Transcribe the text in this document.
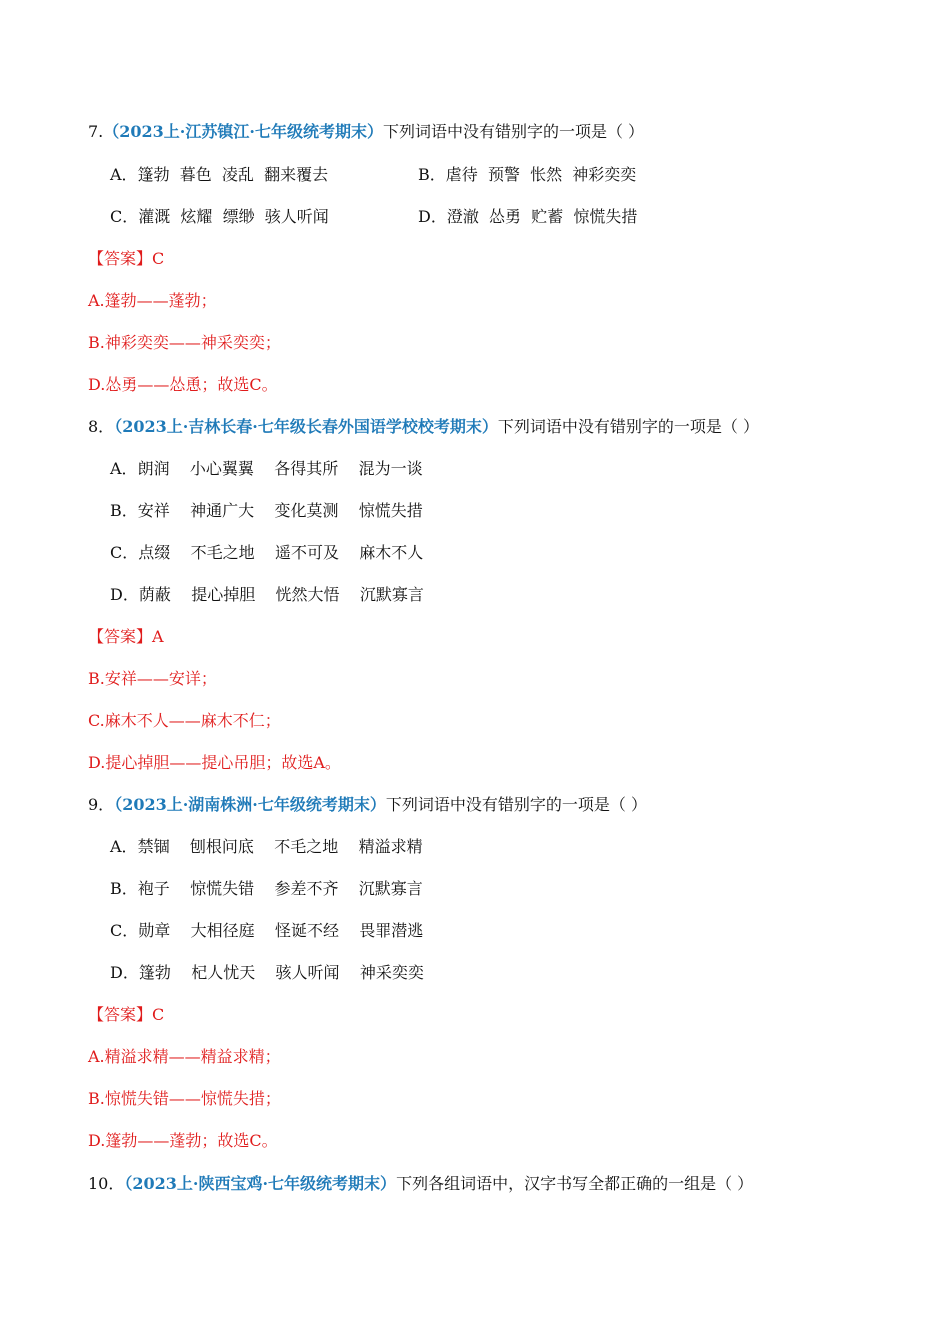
7.（2023上·江苏镇江·七年级统考期末）下列词语中没有错别字的一项是（ ）
A．篷勃  暮色  凌乱  翻来覆去	B．虐待  预警  怅然  神彩奕奕
C．灌溉  炫耀  缥缈  骇人听闻	D．澄澈  怂勇  贮蓄  惊慌失措
【答案】C
A.篷勃——蓬勃；
B.神彩奕奕——神采奕奕；
D.怂勇——怂恿；故选C。
8．（2023上·吉林长春·七年级长春外国语学校校考期末）下列词语中没有错别字的一项是（ ）
A．朗润    小心翼翼    各得其所    混为一谈
B．安祥    神通广大    变化莫测    惊慌失措
C．点缀    不毛之地    遥不可及    麻木不人
D．荫蔽    提心掉胆    恍然大悟    沉默寡言
【答案】A
B.安祥——安详；
C.麻木不人——麻木不仁；
D.提心掉胆——提心吊胆；故选A。
9．（2023上·湖南株洲·七年级统考期末）下列词语中没有错别字的一项是（ ）
A．禁锢    刨根问底    不毛之地    精溢求精
B．袍子    惊慌失错    参差不齐    沉默寡言
C．勋章    大相径庭    怪诞不经    畏罪潜逃
D．篷勃    杞人忧天    骇人听闻    神采奕奕
【答案】C
A.精溢求精——精益求精；
B.惊慌失错——惊慌失措；
D.篷勃——蓬勃；故选C。
10．（2023上·陕西宝鸡·七年级统考期末）下列各组词语中，汉字书写全都正确的一组是（ ）
